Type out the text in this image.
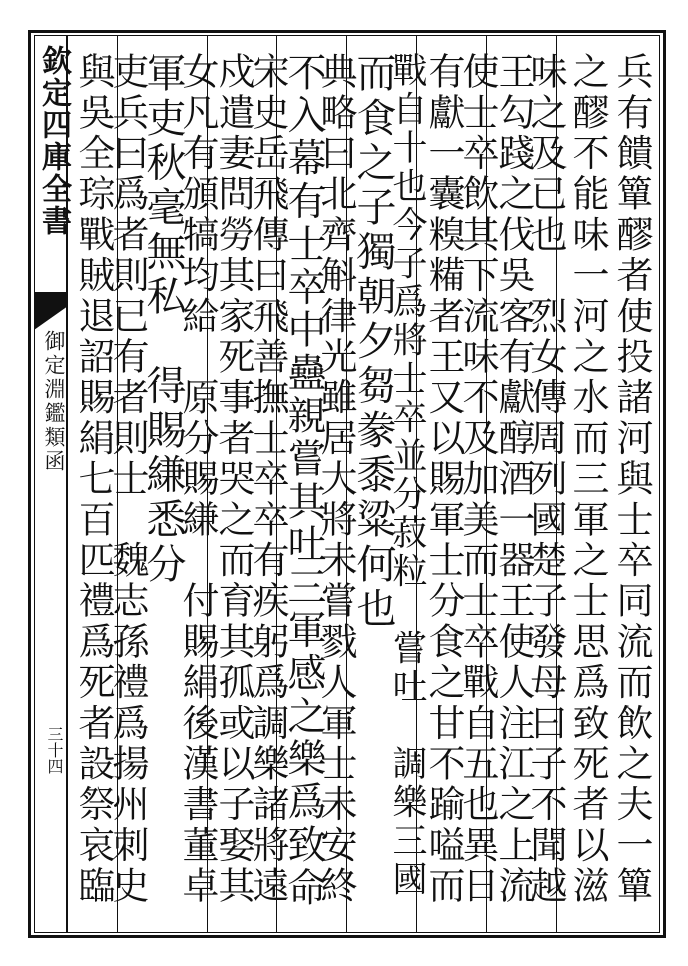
欽定四庫全書
御定淵鑑類函
三十四	兵有饋簞醪者使投諸河與士卒同流而飲之夫一簞
之醪不能味一河之水而三軍之士思爲致死者以滋
味之及已也　烈女傳周列國楚子發母曰子不聞越
王勾踐之伐吳客有獻醇酒一器王使人注江之上流
使士卒飲其下流味不及加美而士卒戰自五也異日
有獻一囊糗糒者王又以賜軍士分食之甘不踰嗌而
戰自十也今子爲將士卒並分菽粒　嘗吐　調樂三國
而食之子獨朝夕芻豢黍粱何也
典略曰北齊斛律光雖居大將未嘗戮人軍士未安終
不入幕有士卒中蠱親嘗其吐三軍感之樂爲致命
宋史岳飛傳曰飛善撫士卒卒有疾躬爲調樂諸將遠
戍遣妻問勞其家死事者哭之而育其孤或以子娶其
女凡有頒犒均給　原分賜縑　付賜絹後漢書董卓
軍吏秋毫無私　得賜縑悉分
吏兵曰爲者則已有者則士　魏志孫禮爲揚州刺史
與吳全琮戰賊退詔賜絹七百匹禮爲死者設祭哀臨
